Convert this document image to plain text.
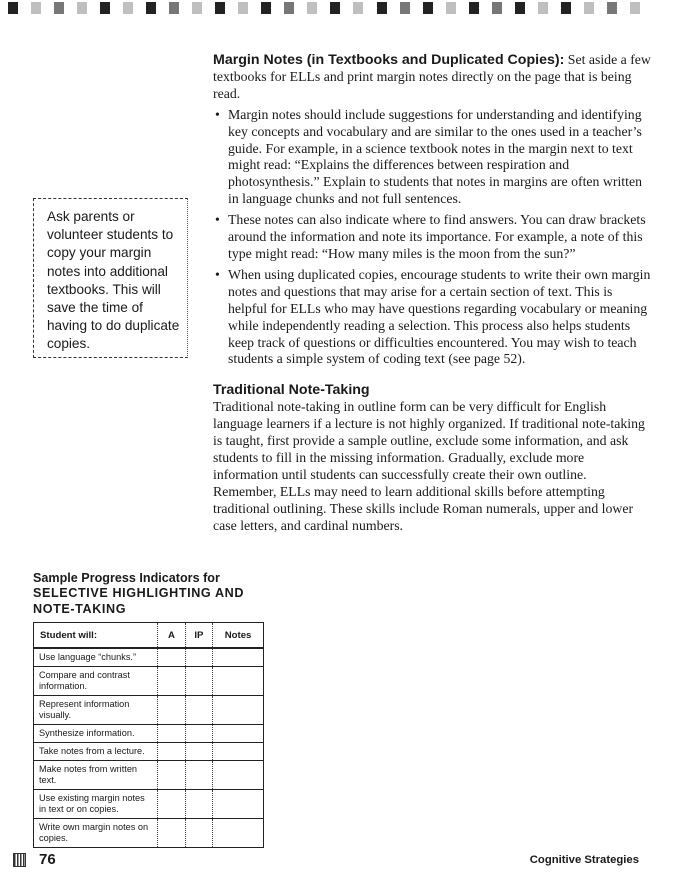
Margin Notes (in Textbooks and Duplicated Copies): Set aside a few textbooks for ELLs and print margin notes directly on the page that is being read.

• Margin notes should include suggestions for understanding and identifying key concepts and vocabulary and are similar to the ones used in a teacher’s guide. For example, in a science textbook notes in the margin next to text might read: “Explains the differences between respiration and photosynthesis.” Explain to students that notes in margins are often written in language chunks and not full sentences.
• These notes can also indicate where to find answers. You can draw brackets around the information and note its importance. For example, a note of this type might read: “How many miles is the moon from the sun?”
• When using duplicated copies, encourage students to write their own margin notes and questions that may arise for a certain section of text. This is helpful for ELLs who may have questions regarding vocabulary or meaning while independently reading a selection. This process also helps students keep track of questions or difficulties encountered. You may wish to teach students a simple system of coding text (see page 52).

Traditional Note-Taking

Traditional note-taking in outline form can be very difficult for English language learners if a lecture is not highly organized. If traditional note-taking is taught, first provide a sample outline, exclude some information, and ask students to fill in the missing information. Gradually, exclude more information until students can successfully create their own outline. Remember, ELLs may need to learn additional skills before attempting traditional outlining. These skills include Roman numerals, upper and lower case letters, and cardinal numbers.

Ask parents or volunteer students to copy your margin notes into additional textbooks. This will save the time of having to do duplicate copies.
Sample Progress Indicators for
SELECTIVE HIGHLIGHTING AND
NOTE-TAKING
Student will:	A	IP	Notes
Use language “chunks.”			
Compare and contrast information.			
Represent information visually.			
Synthesize information.			
Take notes from a lecture.			
Make notes from written text.			
Use existing margin notes in text or on copies.			
Write own margin notes on copies.			
76	Cognitive Strategies
